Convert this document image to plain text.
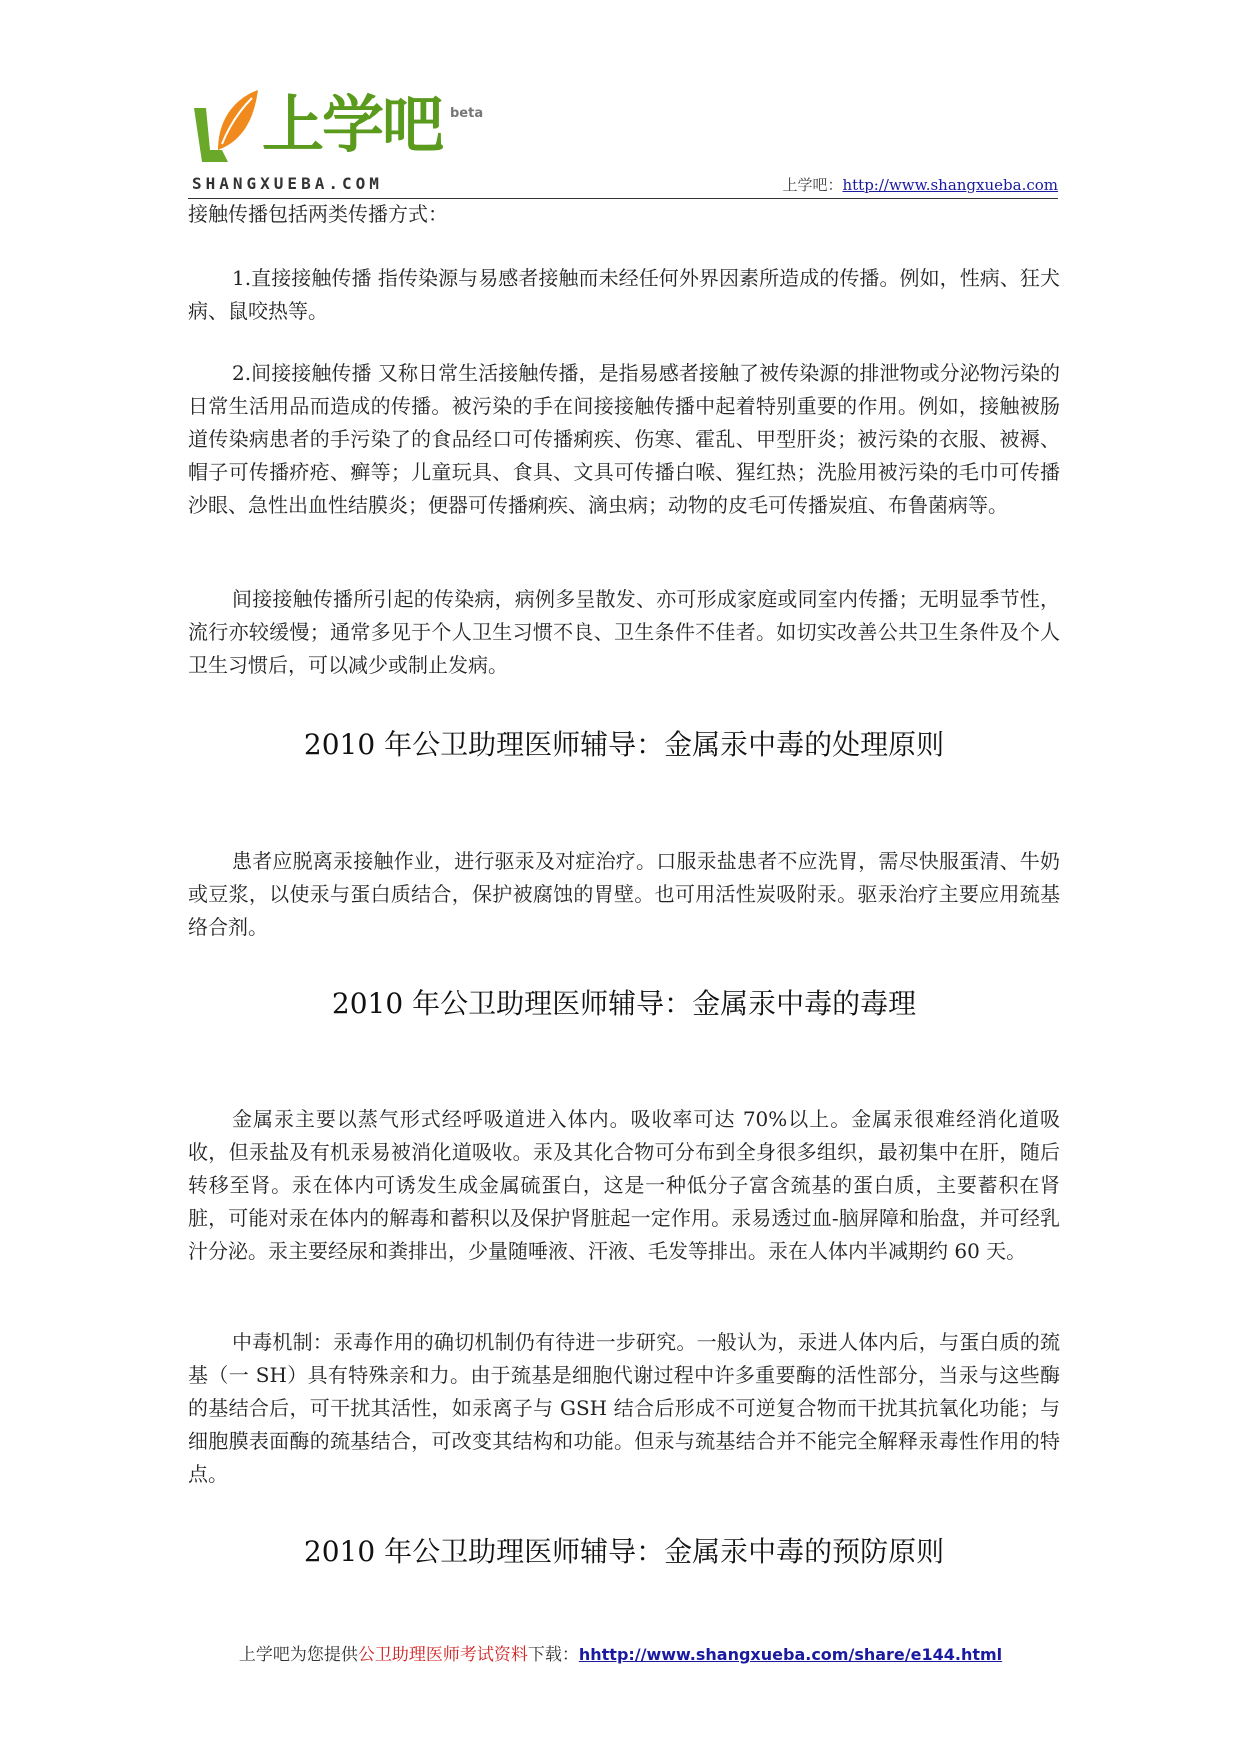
上学吧 beta
SHANGXUEBA.COM	上学吧：http://www.shangxueba.com

接触传播包括两类传播方式：

1.直接接触传播 指传染源与易感者接触而未经任何外界因素所造成的传播。例如，性病、狂犬病、鼠咬热等。

2.间接接触传播 又称日常生活接触传播，是指易感者接触了被传染源的排泄物或分泌物污染的日常生活用品而造成的传播。被污染的手在间接接触传播中起着特别重要的作用。例如，接触被肠道传染病患者的手污染了的食品经口可传播痢疾、伤寒、霍乱、甲型肝炎；被污染的衣服、被褥、帽子可传播疥疮、癣等；儿童玩具、食具、文具可传播白喉、猩红热；洗脸用被污染的毛巾可传播沙眼、急性出血性结膜炎；便器可传播痢疾、滴虫病；动物的皮毛可传播炭疽、布鲁菌病等。

间接接触传播所引起的传染病，病例多呈散发、亦可形成家庭或同室内传播；无明显季节性，流行亦较缓慢；通常多见于个人卫生习惯不良、卫生条件不佳者。如切实改善公共卫生条件及个人卫生习惯后，可以减少或制止发病。

2010 年公卫助理医师辅导：金属汞中毒的处理原则

患者应脱离汞接触作业，进行驱汞及对症治疗。口服汞盐患者不应洗胃，需尽快服蛋清、牛奶或豆浆，以使汞与蛋白质结合，保护被腐蚀的胃壁。也可用活性炭吸附汞。驱汞治疗主要应用巯基络合剂。

2010 年公卫助理医师辅导：金属汞中毒的毒理

金属汞主要以蒸气形式经呼吸道进入体内。吸收率可达 70%以上。金属汞很难经消化道吸收，但汞盐及有机汞易被消化道吸收。汞及其化合物可分布到全身很多组织，最初集中在肝，随后转移至肾。汞在体内可诱发生成金属硫蛋白，这是一种低分子富含巯基的蛋白质，主要蓄积在肾脏，可能对汞在体内的解毒和蓄积以及保护肾脏起一定作用。汞易透过血-脑屏障和胎盘，并可经乳汁分泌。汞主要经尿和粪排出，少量随唾液、汗液、毛发等排出。汞在人体内半减期约 60 天。

中毒机制：汞毒作用的确切机制仍有待进一步研究。一般认为，汞进人体内后，与蛋白质的巯基（一 SH）具有特殊亲和力。由于巯基是细胞代谢过程中许多重要酶的活性部分，当汞与这些酶的基结合后，可干扰其活性，如汞离子与 GSH 结合后形成不可逆复合物而干扰其抗氧化功能；与细胞膜表面酶的巯基结合，可改变其结构和功能。但汞与巯基结合并不能完全解释汞毒性作用的特点。

2010 年公卫助理医师辅导：金属汞中毒的预防原则
上学吧为您提供公卫助理医师考试资料下载：hhttp://www.shangxueba.com/share/e144.html
